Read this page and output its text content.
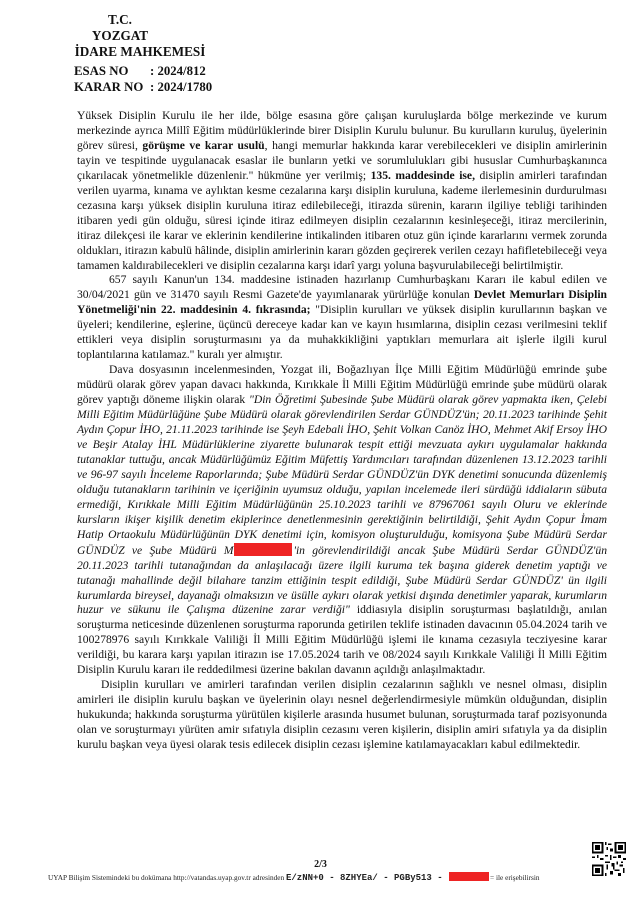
T.C.
YOZGAT
İDARE MAHKEMESİ
ESAS NO : 2024/812
KARAR NO : 2024/1780

Yüksek Disiplin Kurulu ile her ilde, bölge esasına göre çalışan kuruluşlarda bölge merkezinde ve kurum merkezinde ayrıca Millî Eğitim müdürlüklerinde birer Disiplin Kurulu bulunur. Bu kurulların kuruluş, üyelerinin görev süresi, görüşme ve karar usulü, hangi memurlar hakkında karar verebilecekleri ve disiplin amirlerinin tayin ve tespitinde uygulanacak esaslar ile bunların yetki ve sorumlulukları gibi hususlar Cumhurbaşkanınca çıkarılacak yönetmelikle düzenlenir." hükmüne yer verilmiş; 135. maddesinde ise, disiplin amirleri tarafından verilen uyarma, kınama ve aylıktan kesme cezalarına karşı disiplin kuruluna, kademe ilerlemesinin durdurulması cezasına karşı yüksek disiplin kuruluna itiraz edilebileceği, itirazda sürenin, kararın ilgiliye tebliği tarihinden itibaren yedi gün olduğu, süresi içinde itiraz edilmeyen disiplin cezalarının kesinleşeceği, itiraz mercilerinin, itiraz dilekçesi ile karar ve eklerinin kendilerine intikalinden itibaren otuz gün içinde kararlarını vermek zorunda oldukları, itirazın kabulü hâlinde, disiplin amirlerinin kararı gözden geçirerek verilen cezayı hafifletebileceği veya tamamen kaldırabilecekleri ve disiplin cezalarına karşı idarî yargı yoluna başvurulabileceği belirtilmiştir.

657 sayılı Kanun'un 134. maddesine istinaden hazırlanıp Cumhurbaşkanı Kararı ile kabul edilen ve 30/04/2021 gün ve 31470 sayılı Resmi Gazete'de yayımlanarak yürürlüğe konulan Devlet Memurları Disiplin Yönetmeliği'nin 22. maddesinin 4. fıkrasında; "Disiplin kurulları ve yüksek disiplin kurullarının başkan ve üyeleri; kendilerine, eşlerine, üçüncü dereceye kadar kan ve kayın hısımlarına, disiplin cezası verilmesini teklif ettikleri veya disiplin soruşturmasını ya da muhakkikliğini yaptıkları memurlara ait işlerle ilgili kurul toplantılarına katılamaz." kuralı yer almıştır.

Dava dosyasının incelenmesinden, Yozgat ili, Boğazlıyan İlçe Milli Eğitim Müdürlüğü emrinde şube müdürü olarak görev yapan davacı hakkında, Kırıkkale İl Milli Eğitim Müdürlüğü emrinde şube müdürü olarak görev yaptığı döneme ilişkin olarak "Din Öğretimi Şubesinde Şube Müdürü olarak görev yapmakta iken, Çelebi Milli Eğitim Müdürlüğüne Şube Müdürü olarak görevlendirilen Serdar GÜNDÜZ'ün; 20.11.2023 tarihinde Şehit Aydın Çopur İHO, 21.11.2023 tarihinde ise Şeyh Edebali İHO, Şehit Volkan Canöz İHO, Mehmet Akif Ersoy İHO ve Beşir Atalay İHL Müdürlüklerine ziyarette bulunarak tespit ettiği mevzuata aykırı uygulamalar hakkında tutanaklar tuttuğu, ancak Müdürlüğümüz Eğitim Müfettiş Yardımcıları tarafından düzenlenen 13.12.2023 tarihli ve 96-97 sayılı İnceleme Raporlarında; Şube Müdürü Serdar GÜNDÜZ'ün DYK denetimi sonucunda düzenlemiş olduğu tutanakların tarihinin ve içeriğinin uyumsuz olduğu, yapılan incelemede ileri sürdüğü iddiaların sübuta ermediği, Kırıkkale Milli Eğitim Müdürlüğünün 25.10.2023 tarihli ve 87967061 sayılı Oluru ve eklerinde kursların ikişer kişilik denetim ekiplerince denetlenmesinin gerektiğinin belirtildiği, Şehit Aydın Çopur İmam Hatip Ortaokulu Müdürlüğünün DYK denetimi için, komisyon oluşturulduğu, komisyona Şube Müdürü Serdar GÜNDÜZ ve Şube Müdürü M	'in görevlendirildiği ancak Şube Müdürü Serdar GÜNDÜZ'ün 20.11.2023 tarihli tutanağından da anlaşılacağı üzere ilgili kuruma tek başına giderek denetim yaptığı ve tutanağı mahallinde değil bilahare tanzim ettiğinin tespit edildiği, Şube Müdürü Serdar GÜNDÜZ' ün ilgili kurumlarda bireysel, dayanağı olmaksızın ve üsülle aykırı olarak yetkisi dışında denetimler yaparak, kurumların huzur ve sükunu ile Çalışma düzenine zarar verdiği" iddiasıyla disiplin soruşturması başlatıldığı, anılan soruşturma neticesinde düzenlenen soruşturma raporunda getirilen teklife istinaden davacının 05.04.2024 tarih ve 100278976 sayılı Kırıkkale Valiliği İl Milli Eğitim Müdürlüğü işlemi ile kınama cezasıyla tecziyesine karar verildiği, bu karara karşı yapılan itirazın ise 17.05.2024 tarih ve 08/2024 sayılı Kırıkkale Valiliği İl Milli Eğitim Disiplin Kurulu kararı ile reddedilmesi üzerine bakılan davanın açıldığı anlaşılmaktadır.

Disiplin kurulları ve amirleri tarafından verilen disiplin cezalarının sağlıklı ve nesnel olması, disiplin amirleri ile disiplin kurulu başkan ve üyelerinin olayı nesnel değerlendirmesiyle mümkün olduğundan, disiplin hukukunda; hakkında soruşturma yürütülen kişilerle arasında husumet bulunan, soruşturmada taraf pozisyonunda olan ve soruşturmayı yürüten amir sıfatıyla disiplin cezasını veren kişilerin, disiplin amiri sıfatıyla ya da disiplin kurulu başkan veya üyesi olarak tesis edilecek disiplin cezası işlemine katılamayacakları kabul edilmektedir.

2/3
UYAP Bilişim Sistemindeki bu dokümana http://vatandas.uyap.gov.tr adresinden E/zNN+0 - 8ZHYEa/ - PGBy513 -	= ile erişebilirsin
